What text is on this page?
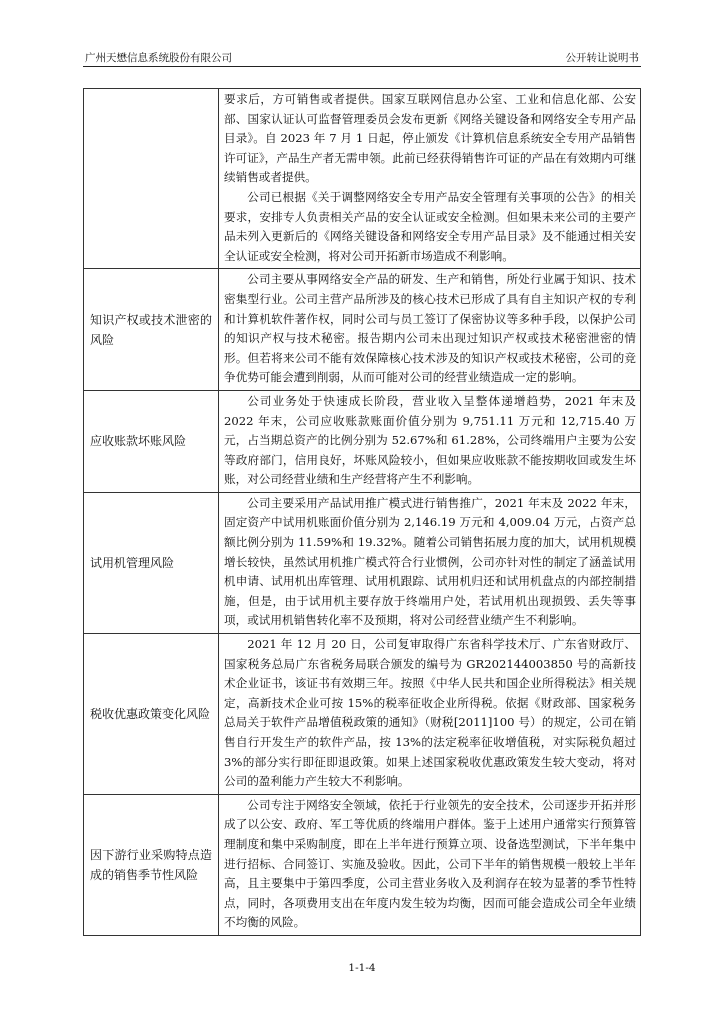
广州天懋信息系统股份有限公司	公开转让说明书

	要求后，方可销售或者提供。国家互联网信息办公室、工业和信息化部、公安部、国家认证认可监督管理委员会发布更新《网络关键设备和网络安全专用产品目录》。自 2023 年 7 月 1 日起，停止颁发《计算机信息系统安全专用产品销售许可证》，产品生产者无需申领。此前已经获得销售许可证的产品在有效期内可继续销售或者提供。

公司已根据《关于调整网络安全专用产品安全管理有关事项的公告》的相关要求，安排专人负责相关产品的安全认证或安全检测。但如果未来公司的主要产品未列入更新后的《网络关键设备和网络安全专用产品目录》及不能通过相关安全认证或安全检测，将对公司开拓新市场造成不利影响。

知识产权或技术泄密的风险	公司主要从事网络安全产品的研发、生产和销售，所处行业属于知识、技术密集型行业。公司主营产品所涉及的核心技术已形成了具有自主知识产权的专利和计算机软件著作权，同时公司与员工签订了保密协议等多种手段，以保护公司的知识产权与技术秘密。报告期内公司未出现过知识产权或技术秘密泄密的情形。但若将来公司不能有效保障核心技术涉及的知识产权或技术秘密，公司的竞争优势可能会遭到削弱，从而可能对公司的经营业绩造成一定的影响。

应收账款坏账风险	公司业务处于快速成长阶段，营业收入呈整体递增趋势，2021 年末及 2022 年末，公司应收账款账面价值分别为 9,751.11 万元和 12,715.40 万元，占当期总资产的比例分别为 52.67%和 61.28%，公司终端用户主要为公安等政府部门，信用良好，坏账风险较小，但如果应收账款不能按期收回或发生坏账，对公司经营业绩和生产经营将产生不利影响。

试用机管理风险	公司主要采用产品试用推广模式进行销售推广，2021 年末及 2022 年末，固定资产中试用机账面价值分别为 2,146.19 万元和 4,009.04 万元，占资产总额比例分别为 11.59%和 19.32%。随着公司销售拓展力度的加大，试用机规模增长较快，虽然试用机推广模式符合行业惯例，公司亦针对性的制定了涵盖试用机申请、试用机出库管理、试用机跟踪、试用机归还和试用机盘点的内部控制措施，但是，由于试用机主要存放于终端用户处，若试用机出现损毁、丢失等事项，或试用机销售转化率不及预期，将对公司经营业绩产生不利影响。

税收优惠政策变化风险	2021 年 12 月 20 日，公司复审取得广东省科学技术厅、广东省财政厅、国家税务总局广东省税务局联合颁发的编号为 GR202144003850 号的高新技术企业证书，该证书有效期三年。按照《中华人民共和国企业所得税法》相关规定，高新技术企业可按 15%的税率征收企业所得税。依据《财政部、国家税务总局关于软件产品增值税政策的通知》（财税[2011]100 号）的规定，公司在销售自行开发生产的软件产品，按 13%的法定税率征收增值税，对实际税负超过 3%的部分实行即征即退政策。如果上述国家税收优惠政策发生较大变动，将对公司的盈利能力产生较大不利影响。

因下游行业采购特点造成的销售季节性风险	公司专注于网络安全领域，依托于行业领先的安全技术，公司逐步开拓并形成了以公安、政府、军工等优质的终端用户群体。鉴于上述用户通常实行预算管理制度和集中采购制度，即在上半年进行预算立项、设备选型测试，下半年集中进行招标、合同签订、实施及验收。因此，公司下半年的销售规模一般较上半年高，且主要集中于第四季度，公司主营业务收入及利润存在较为显著的季节性特点，同时，各项费用支出在年度内发生较为均衡，因而可能会造成公司全年业绩不均衡的风险。

1-1-4
